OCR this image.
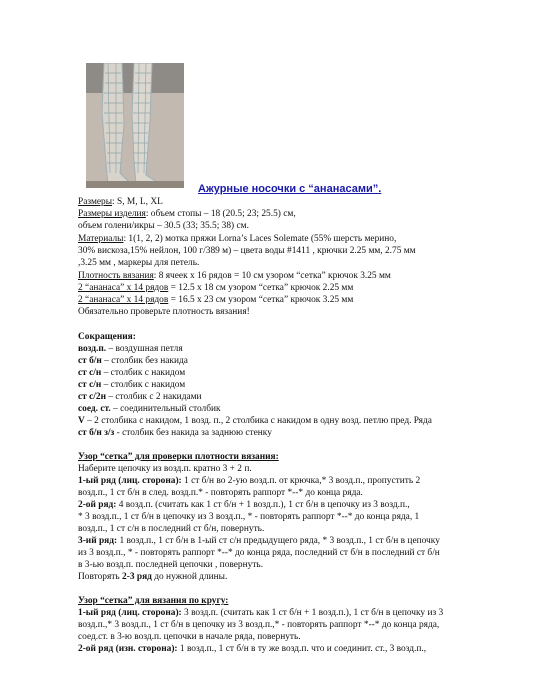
Ажурные носочки с “ананасами”.
Размеры: S, M, L, XL
Размеры изделия: объем стопы – 18 (20.5; 23; 25.5) см,
объем голени/икры – 30.5 (33; 35.5; 38) см.
Материалы: 1(1, 2, 2) мотка пряжи Lorna’s Laces Solemate (55% шерсть мерино,
30% вискоза,15% нейлон, 100 г/389 м) – цвета воды #1411 , крючки 2.25 мм, 2.75 мм
,3.25 мм , маркеры для петель.
Плотность вязания: 8 ячеек х 16 рядов = 10 см узором “сетка” крючок 3.25 мм
2 “ананаса” х 14 рядов = 12.5 х 18 см узором “сетка” крючок 2.25 мм
2 “ананаса” х 14 рядов = 16.5 х 23 см узором “сетка” крючок 3.25 мм
Обязательно проверьте плотность вязания!
Сокращения:
возд.п. – воздушная петля
ст б/н – столбик без накида
ст с/н – столбик с накидом
ст с/н – столбик с накидом
ст с/2н – столбик с 2 накидами
соед. ст. – соединительный столбик
V – 2 столбика с накидом, 1 возд. п., 2 столбика с накидом в одну возд. петлю пред. Ряда
ст б/н з/з - столбик без накида за заднюю стенку
Узор “сетка” для проверки плотности вязания:
Наберите цепочку из возд.п. кратно 3 + 2 п.
1-ый ряд (лиц. сторона): 1 ст б/н во 2-ую возд.п. от крючка,* 3 возд.п., пропустить 2
возд.п., 1 ст б/н в след. возд.п.* - повторять раппорт *--* до конца ряда.
2-ой ряд: 4 возд.п. (считать как 1 ст б/н + 1 возд.п.), 1 ст б/н в цепочку из 3 возд.п.,
* 3 возд.п., 1 ст б/н в цепочку из 3 возд.п., * - повторять раппорт *--* до конца ряда, 1
возд.п., 1 ст с/н в последний ст б/н, повернуть.
3-ий ряд: 1 возд.п., 1 ст б/н в 1-ый ст с/н предыдущего ряда, * 3 возд.п., 1 ст б/н в цепочку
из 3 возд.п., * - повторять раппорт *--* до конца ряда, последний ст б/н в последний ст б/н
в 3-ью возд.п. последней цепочки , повернуть.
Повторять 2-3 ряд до нужной длины.
Узор “сетка” для вязания по кругу:
1-ый ряд (лиц. сторона): 3 возд.п. (считать как 1 ст б/н + 1 возд.п.), 1 ст б/н в цепочку из 3
возд.п.,* 3 возд.п., 1 ст б/н в цепочку из 3 возд.п.,* - повторять раппорт *--* до конца ряда,
соед.ст. в 3-ю возд.п. цепочки в начале ряда, повернуть.
2-ой ряд (изн. сторона): 1 возд.п., 1 ст б/н в ту же возд.п. что и соединит. ст., 3 возд.п.,
